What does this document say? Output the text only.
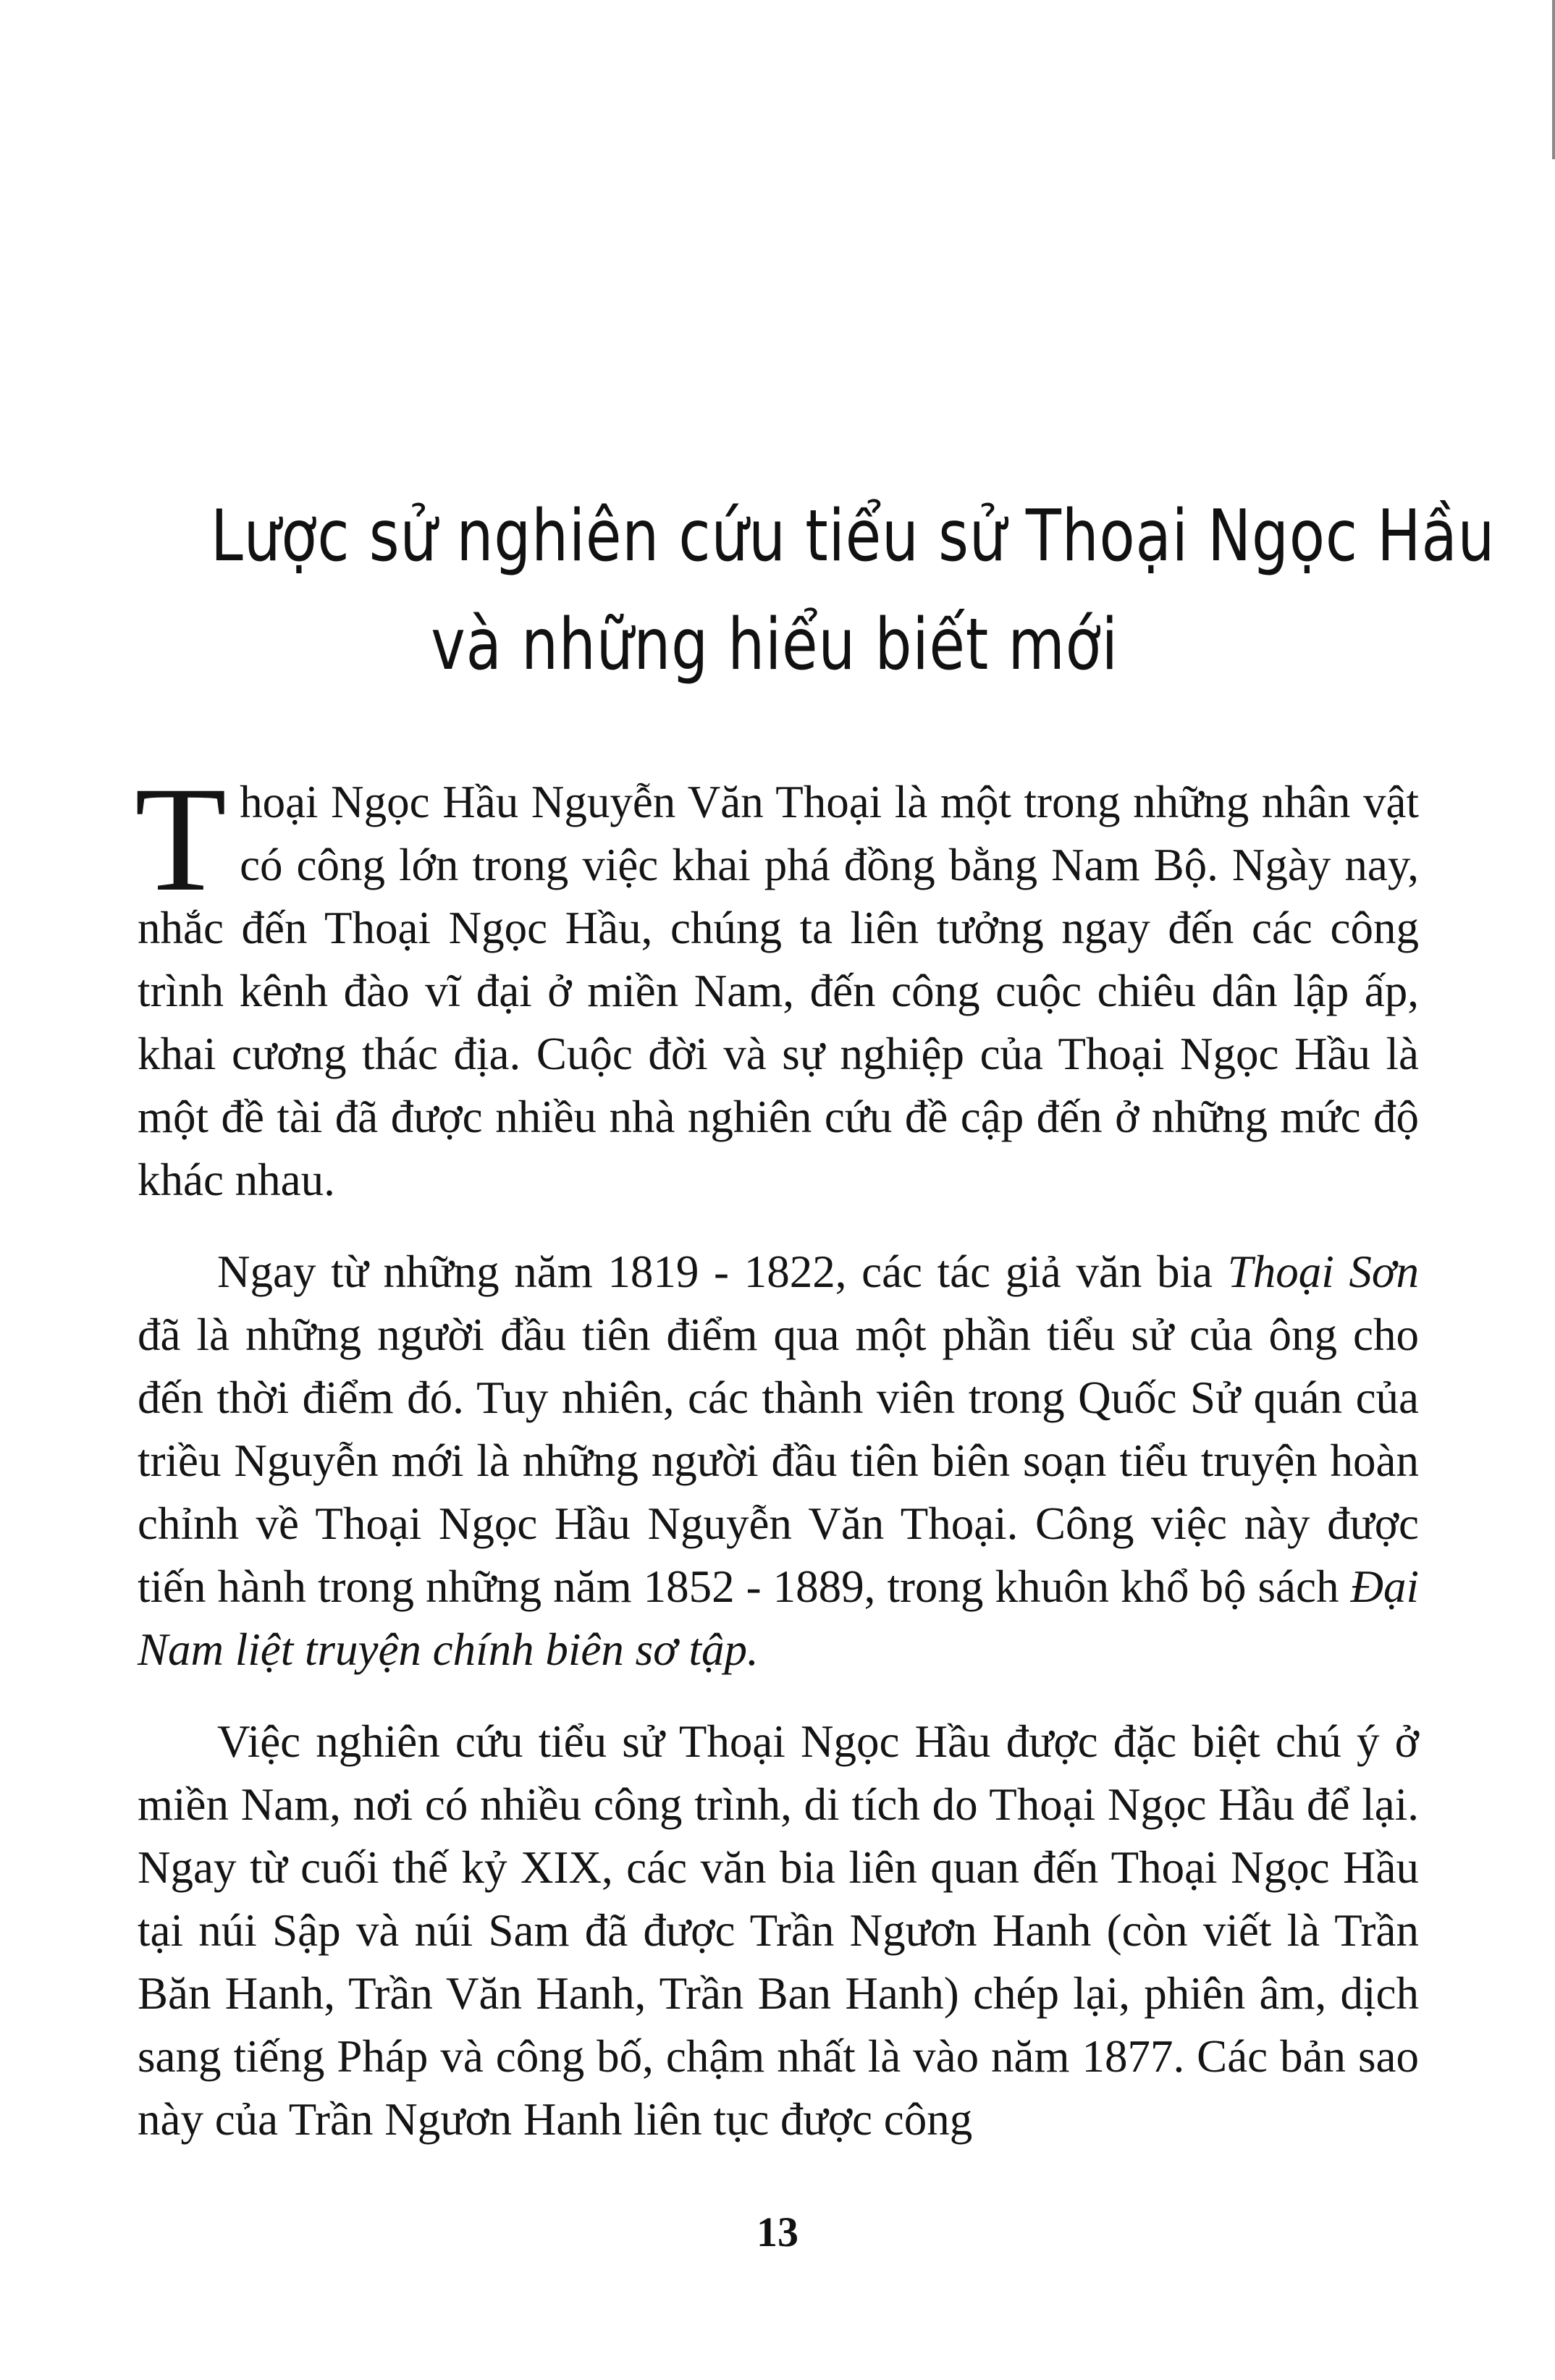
Lược sử nghiên cứu tiểu sử Thoại Ngọc Hầu
và những hiểu biết mới

Thoại Ngọc Hầu Nguyễn Văn Thoại là một trong những nhân vật có công lớn trong việc khai phá đồng bằng Nam Bộ. Ngày nay, nhắc đến Thoại Ngọc Hầu, chúng ta liên tưởng ngay đến các công trình kênh đào vĩ đại ở miền Nam, đến công cuộc chiêu dân lập ấp, khai cương thác địa. Cuộc đời và sự nghiệp của Thoại Ngọc Hầu là một đề tài đã được nhiều nhà nghiên cứu đề cập đến ở những mức độ khác nhau.

Ngay từ những năm 1819 - 1822, các tác giả văn bia Thoại Sơn đã là những người đầu tiên điểm qua một phần tiểu sử của ông cho đến thời điểm đó. Tuy nhiên, các thành viên trong Quốc Sử quán của triều Nguyễn mới là những người đầu tiên biên soạn tiểu truyện hoàn chỉnh về Thoại Ngọc Hầu Nguyễn Văn Thoại. Công việc này được tiến hành trong những năm 1852 - 1889, trong khuôn khổ bộ sách Đại Nam liệt truyện chính biên sơ tập.

Việc nghiên cứu tiểu sử Thoại Ngọc Hầu được đặc biệt chú ý ở miền Nam, nơi có nhiều công trình, di tích do Thoại Ngọc Hầu để lại. Ngay từ cuối thế kỷ XIX, các văn bia liên quan đến Thoại Ngọc Hầu tại núi Sập và núi Sam đã được Trần Ngươn Hanh (còn viết là Trần Băn Hanh, Trần Văn Hanh, Trần Ban Hanh) chép lại, phiên âm, dịch sang tiếng Pháp và công bố, chậm nhất là vào năm 1877. Các bản sao này của Trần Ngươn Hanh liên tục được công

13
